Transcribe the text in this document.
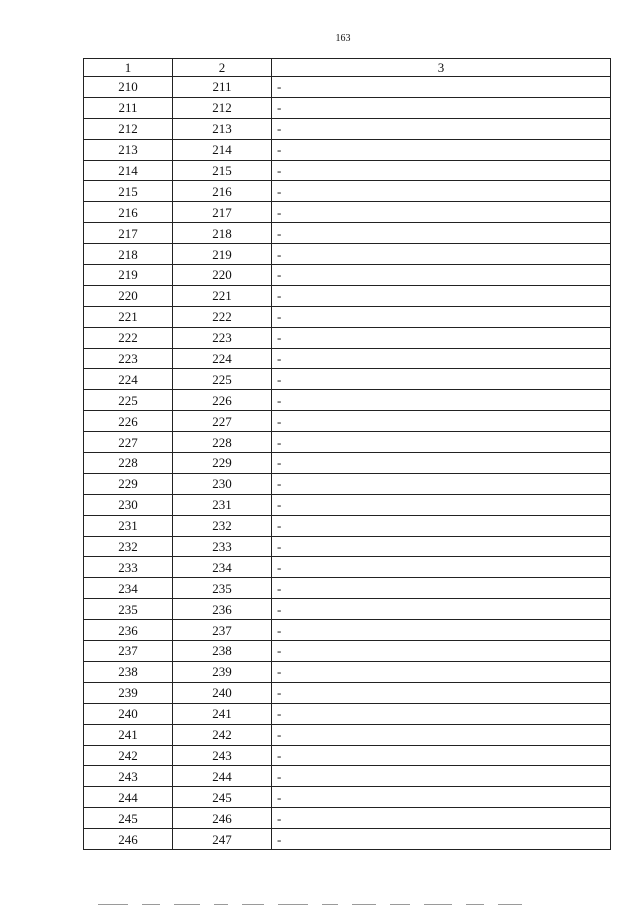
163
1	2	3
210	211	-
211	212	-
212	213	-
213	214	-
214	215	-
215	216	-
216	217	-
217	218	-
218	219	-
219	220	-
220	221	-
221	222	-
222	223	-
223	224	-
224	225	-
225	226	-
226	227	-
227	228	-
228	229	-
229	230	-
230	231	-
231	232	-
232	233	-
233	234	-
234	235	-
235	236	-
236	237	-
237	238	-
238	239	-
239	240	-
240	241	-
241	242	-
242	243	-
243	244	-
244	245	-
245	246	-
246	247	-
